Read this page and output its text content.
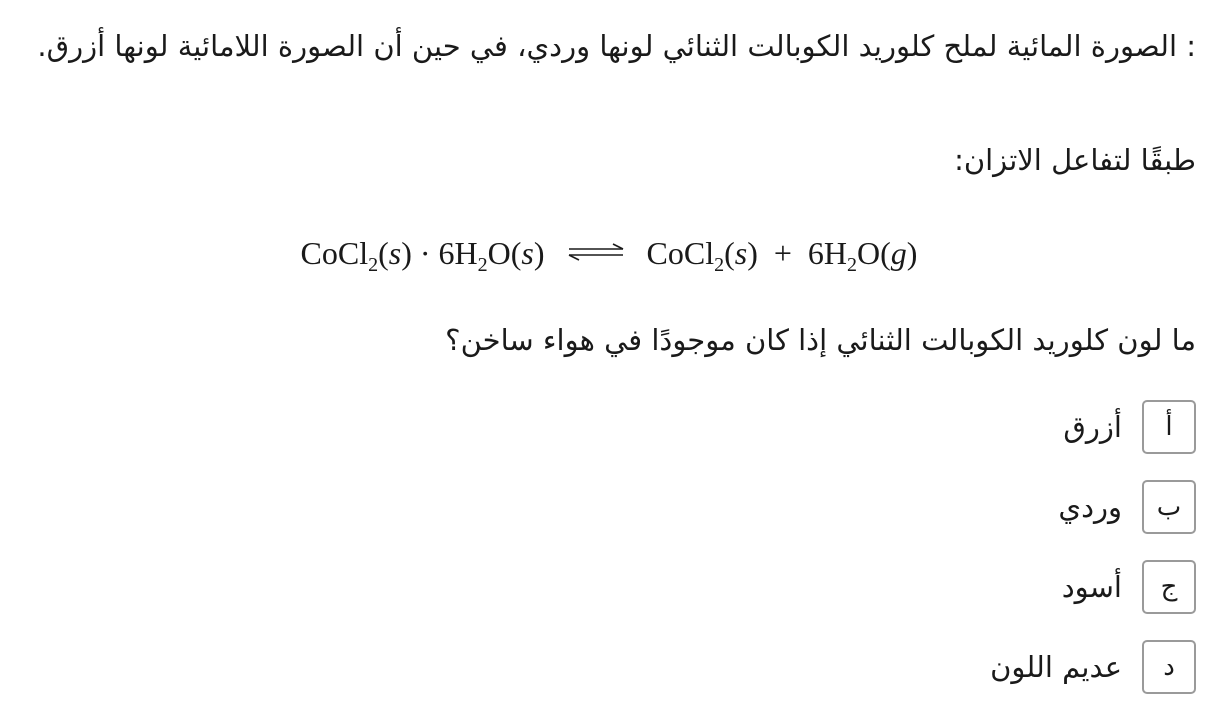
: الصورة المائية لملح كلوريد الكوبالت الثنائي لونها وردي، في حين أن الصورة اللامائية لونها أزرق.
طبقًا لتفاعل الاتزان:
CoCl$_2$(s) · $6H_2O(s)$ ⇌ CoCl$_2$(s) + $6H_2O(g)$
ما لون كلوريد الكوبالت الثنائي إذا كان موجودًا في هواء ساخن؟
أ
أزرق
ب
وردي
ج
أسود
د
عديم اللون
